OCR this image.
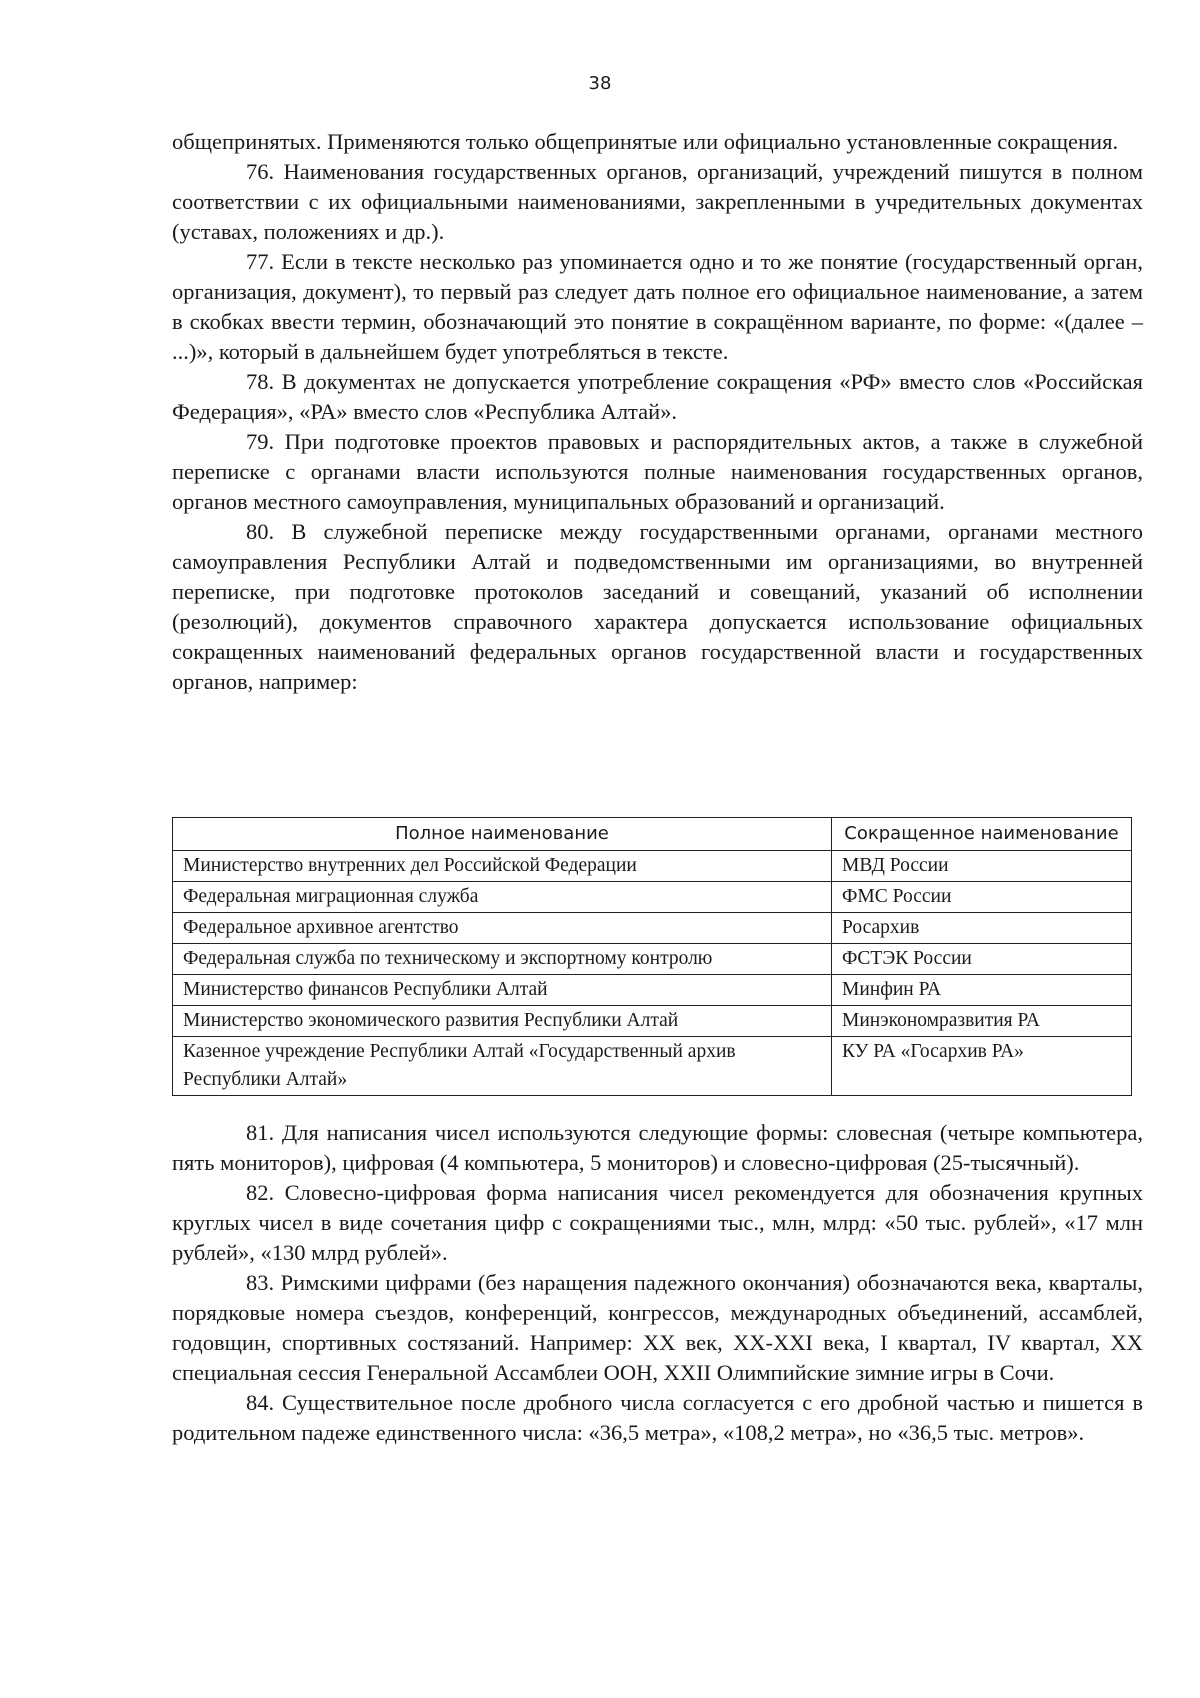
38

общепринятых. Применяются только общепринятые или официально установленные сокращения.

76. Наименования государственных органов, организаций, учреждений пишутся в полном соответствии с их официальными наименованиями, закрепленными в учредительных документах (уставах, положениях и др.).

77. Если в тексте несколько раз упоминается одно и то же понятие (государственный орган, организация, документ), то первый раз следует дать полное его официальное наименование, а затем в скобках ввести термин, обозначающий это понятие в сокращённом варианте, по форме: «(далее – ...)», который в дальнейшем будет употребляться в тексте.

78. В документах не допускается употребление сокращения «РФ» вместо слов «Российская Федерация», «РА» вместо слов «Республика Алтай».

79. При подготовке проектов правовых и распорядительных актов, а также в служебной переписке с органами власти используются полные наименования государственных органов, органов местного самоуправления, муниципальных образований и организаций.

80. В служебной переписке между государственными органами, органами местного самоуправления Республики Алтай и подведомственными им организациями, во внутренней переписке, при подготовке протоколов заседаний и совещаний, указаний об исполнении (резолюций), документов справочного характера допускается использование официальных сокращенных наименований федеральных органов государственной власти и государственных органов, например:

Полное наименование	Сокращенное наименование
Министерство внутренних дел Российской Федерации	МВД России
Федеральная миграционная служба	ФМС России
Федеральное архивное агентство	Росархив
Федеральная служба по техническому и экспортному контролю	ФСТЭК России
Министерство финансов Республики Алтай	Минфин РА
Министерство экономического развития Республики Алтай	Минэкономразвития РА
Казенное учреждение Республики Алтай «Государственный архив Республики Алтай»	КУ РА «Госархив РА»

81. Для написания чисел используются следующие формы: словесная (четыре компьютера, пять мониторов), цифровая (4 компьютера, 5 мониторов) и словесно-цифровая (25-тысячный).

82. Словесно-цифровая форма написания чисел рекомендуется для обозначения крупных круглых чисел в виде сочетания цифр с сокращениями тыс., млн, млрд: «50 тыс. рублей», «17 млн рублей», «130 млрд рублей».

83. Римскими цифрами (без наращения падежного окончания) обозначаются века, кварталы, порядковые номера съездов, конференций, конгрессов, международных объединений, ассамблей, годовщин, спортивных состязаний. Например: XX век, XX-XXI века, I квартал, IV квартал, XX специальная сессия Генеральной Ассамблеи ООН, XXII Олимпийские зимние игры в Сочи.

84. Существительное после дробного числа согласуется с его дробной частью и пишется в родительном падеже единственного числа: «36,5 метра», «108,2 метра», но «36,5 тыс. метров».
